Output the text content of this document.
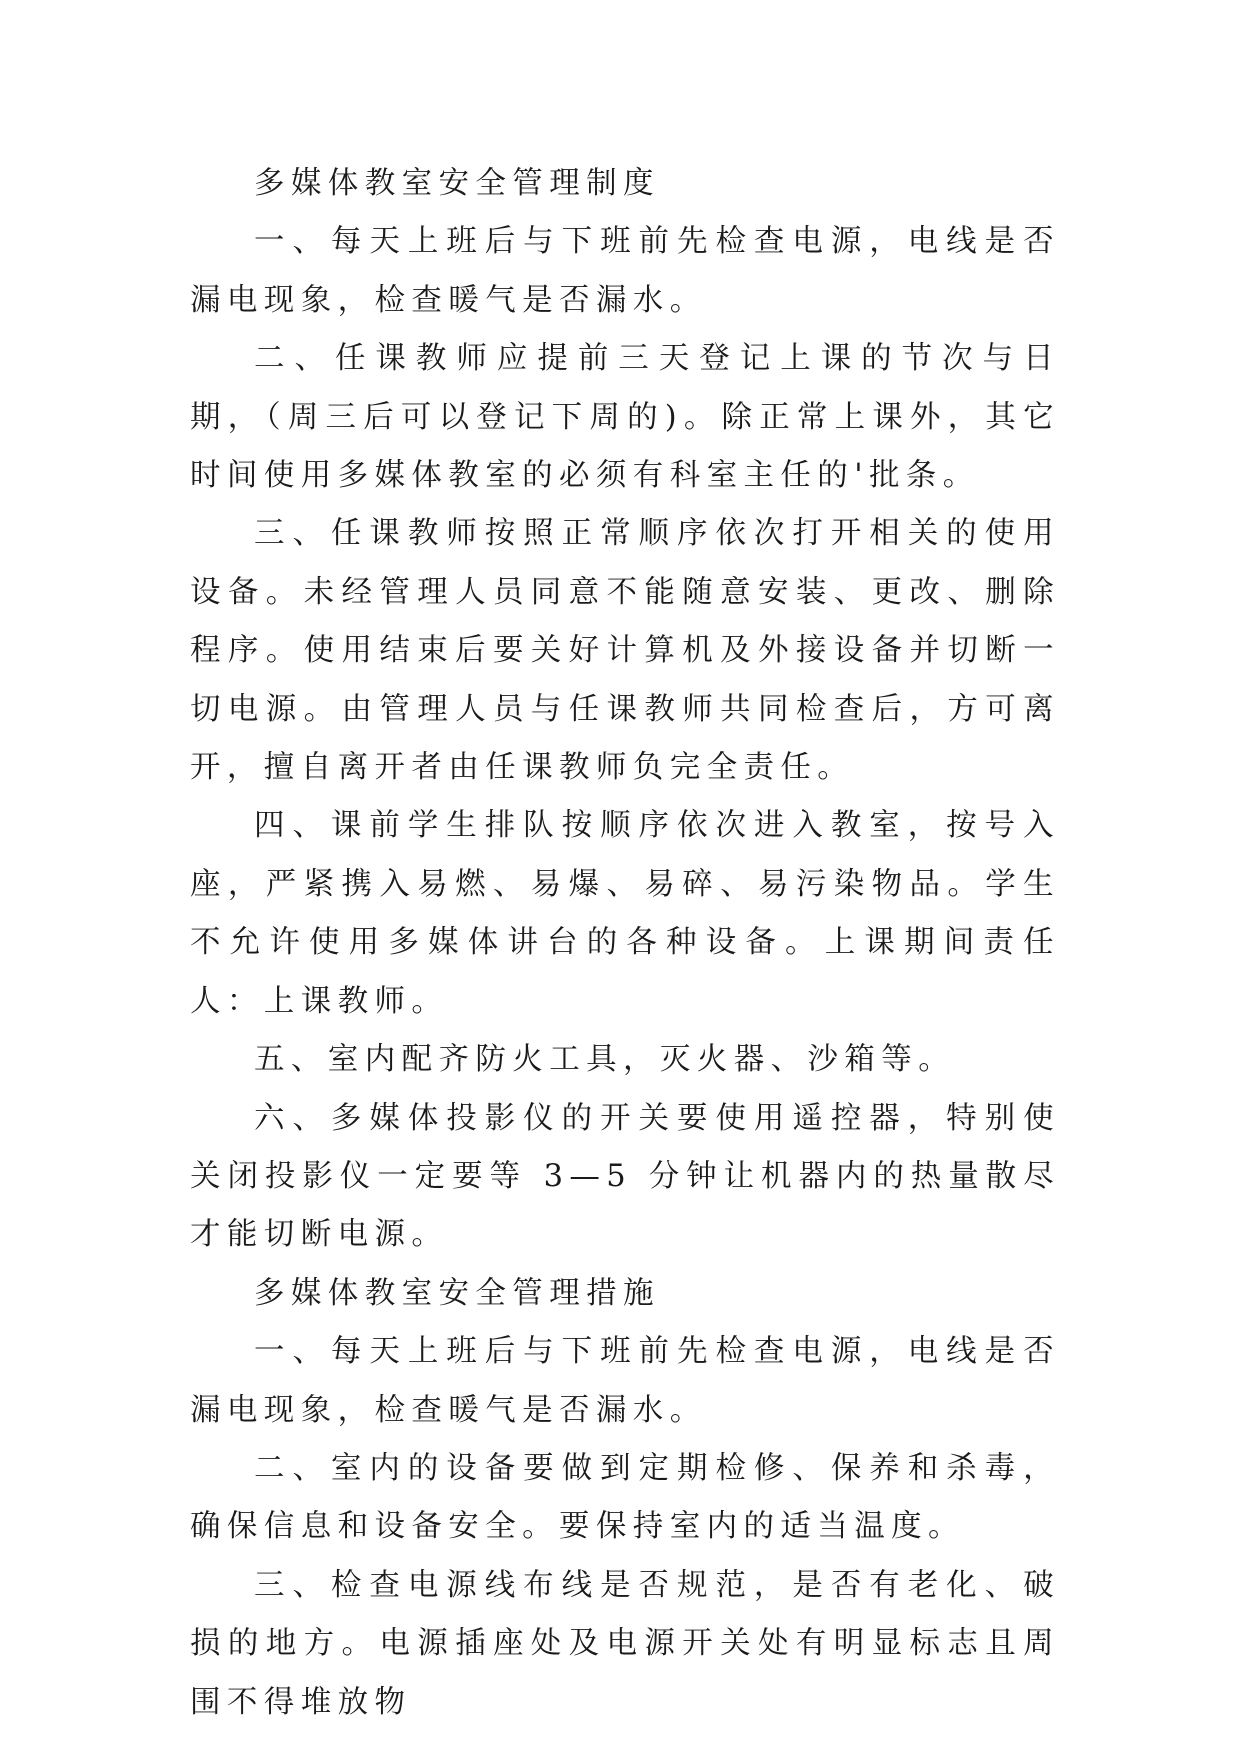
多媒体教室安全管理制度

一、每天上班后与下班前先检查电源，电线是否漏电现象，检查暖气是否漏水。

二、任课教师应提前三天登记上课的节次与日期，（周三后可以登记下周的)。除正常上课外，其它时间使用多媒体教室的必须有科室主任的'批条。

三、任课教师按照正常顺序依次打开相关的使用设备。未经管理人员同意不能随意安装、更改、删除程序。使用结束后要关好计算机及外接设备并切断一切电源。由管理人员与任课教师共同检查后，方可离开，擅自离开者由任课教师负完全责任。

四、课前学生排队按顺序依次进入教室，按号入座，严紧携入易燃、易爆、易碎、易污染物品。学生不允许使用多媒体讲台的各种设备。上课期间责任人：上课教师。

五、室内配齐防火工具，灭火器、沙箱等。

六、多媒体投影仪的开关要使用遥控器，特别使关闭投影仪一定要等 3—5 分钟让机器内的热量散尽才能切断电源。

多媒体教室安全管理措施

一、每天上班后与下班前先检查电源，电线是否漏电现象，检查暖气是否漏水。

二、室内的设备要做到定期检修、保养和杀毒，确保信息和设备安全。要保持室内的适当温度。

三、检查电源线布线是否规范，是否有老化、破损的地方。电源插座处及电源开关处有明显标志且周围不得堆放物
